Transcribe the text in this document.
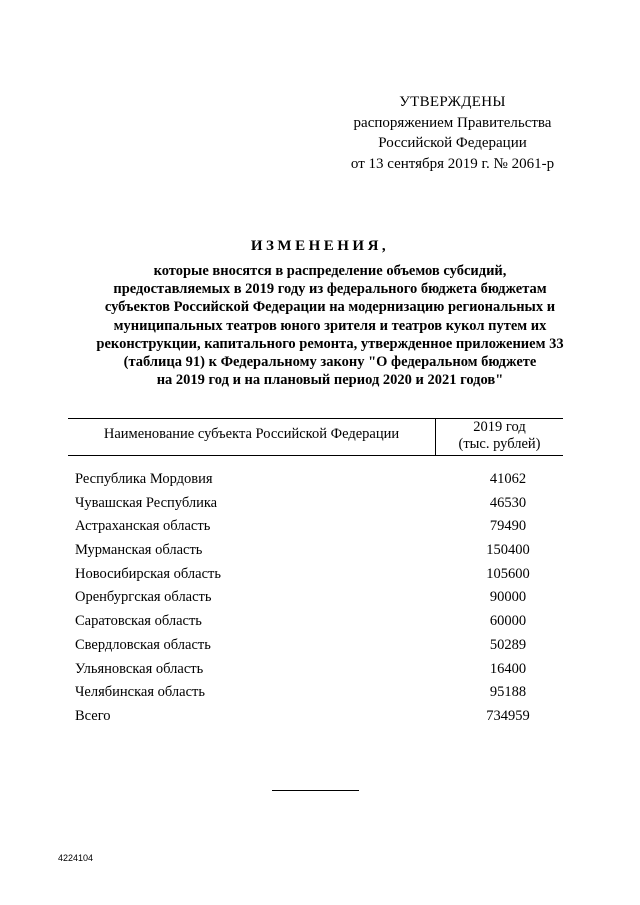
УТВЕРЖДЕНЫ
распоряжением Правительства
Российской Федерации
от 13 сентября 2019 г. № 2061-р
ИЗМЕНЕНИЯ,
которые вносятся в распределение объемов субсидий,
предоставляемых в 2019 году из федерального бюджета бюджетам
субъектов Российской Федерации на модернизацию региональных и
муниципальных театров юного зрителя и театров кукол путем их
реконструкции, капитального ремонта, утвержденное приложением 33
(таблица 91) к Федеральному закону "О федеральном бюджете
на 2019 год и на плановый период 2020 и 2021 годов"
Наименование субъекта Российской Федерации	2019 год
(тыс. рублей)
Республика Мордовия	41062
Чувашская Республика	46530
Астраханская область	79490
Мурманская область	150400
Новосибирская область	105600
Оренбургская область	90000
Саратовская область	60000
Свердловская область	50289
Ульяновская область	16400
Челябинская область	95188
Всего	734959
4224104
